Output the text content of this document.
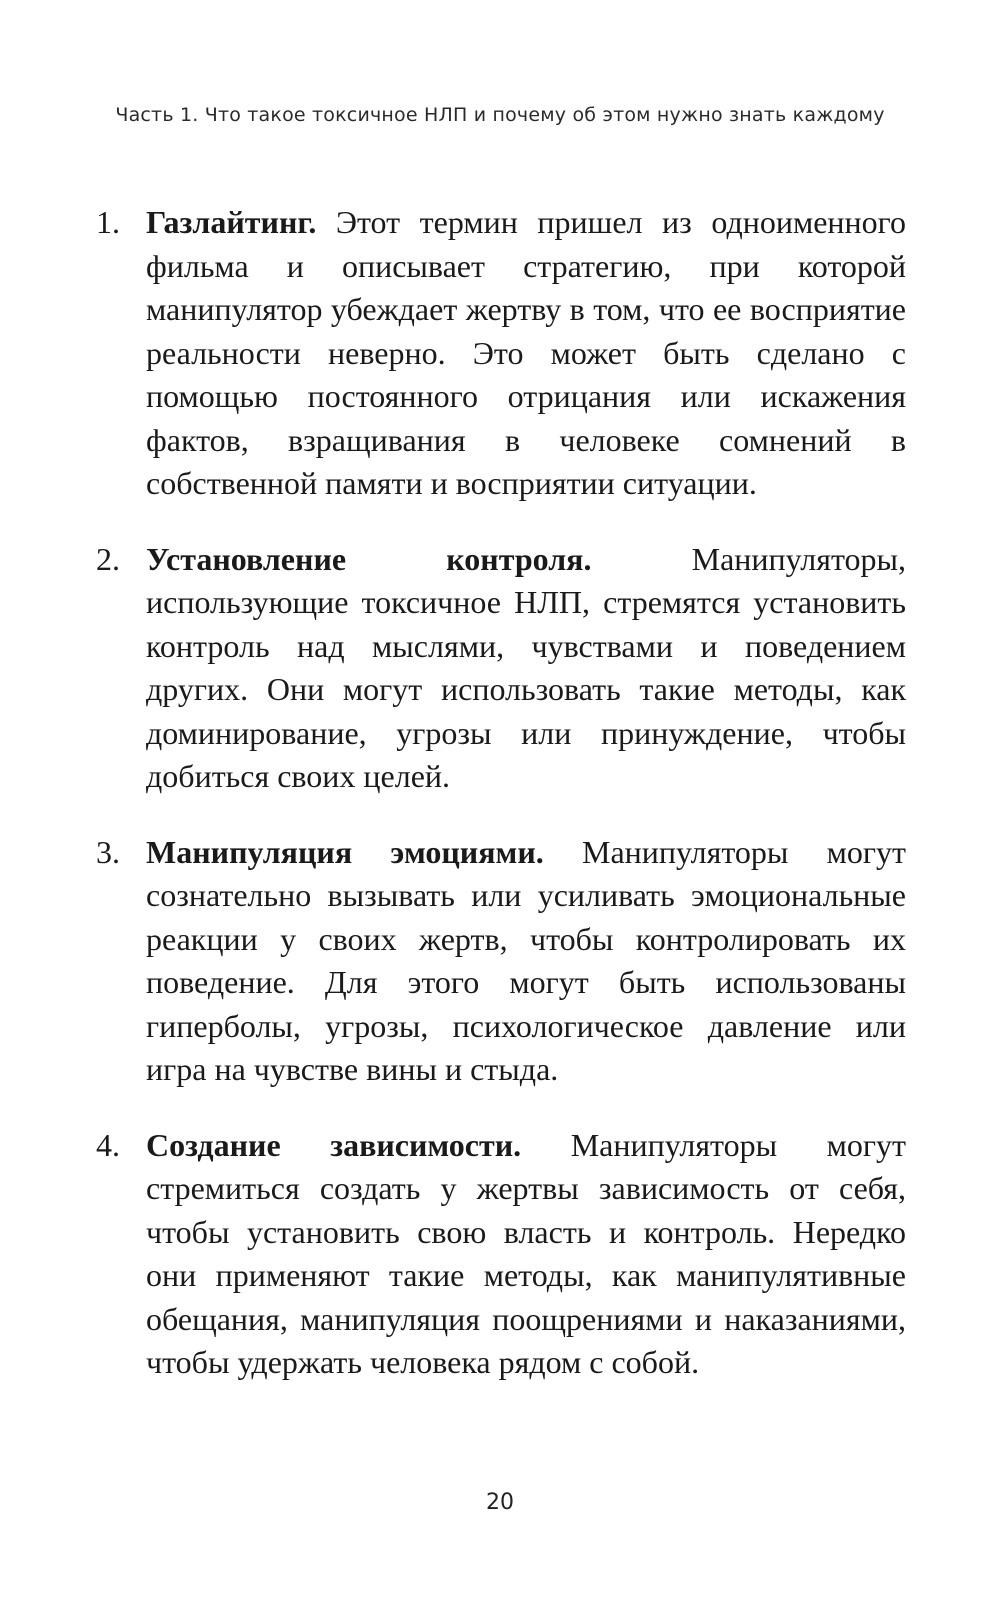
Часть 1. Что такое токсичное НЛП и почему об этом нужно знать каждому
1. Газлайтинг. Этот термин пришел из одноименного фильма и описывает стратегию, при которой манипулятор убеждает жертву в том, что ее восприятие реальности неверно. Это может быть сделано с помощью постоянного отрицания или искажения фактов, взращивания в человеке сомнений в собственной памяти и восприятии ситуации.
2. Установление контроля. Манипуляторы, использующие токсичное НЛП, стремятся установить контроль над мыслями, чувствами и поведением других. Они могут использовать такие методы, как доминирование, угрозы или принуждение, чтобы добиться своих целей.
3. Манипуляция эмоциями. Манипуляторы могут сознательно вызывать или усиливать эмоциональные реакции у своих жертв, чтобы контролировать их поведение. Для этого могут быть использованы гиперболы, угрозы, психологическое давление или игра на чувстве вины и стыда.
4. Создание зависимости. Манипуляторы могут стремиться создать у жертвы зависимость от себя, чтобы установить свою власть и контроль. Нередко они применяют такие методы, как манипулятивные обещания, манипуляция поощрениями и наказаниями, чтобы удержать человека рядом с собой.
20
